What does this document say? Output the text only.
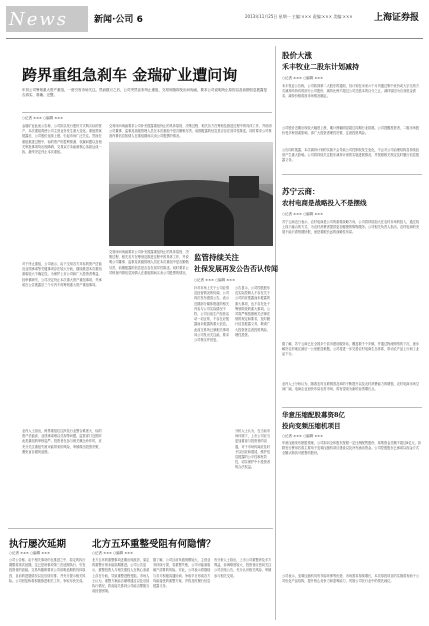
News	新闻·公司 6	2013年11月25日 星期一 主编:××× 责编:××× 美编:××× 上海证券报
跨界重组急刹车 金瑞矿业遭问询
年初公司筹划重大资产重组，一度引发市场关注。然而数月之后，公司突然宣布终止重组，交易所随即发出问询函，要求公司说明终止原因以及前期信息披露是否真实、准确、完整。
○记者 ××× ○编辑 ×××
金瑞矿业此前公告称，公司拟以发行股份方式购买标的资产，本次重组将使公司主营业务发生重大变化。重组预案披露后，公司股价连续上涨，引起市场广泛关注。然而在重组推进过程中，标的资产的盈利预测、权属问题以及相关审批事项均出现障碍，交易双方未能就核心条款达成一致，最终决定终止本次重组。
对于终止重组，公司表示，由于交易各方对标的资产估值及业绩承诺等关键事项存在较大分歧，继续推进本次重组面临较大不确定性。为保护上市公司和广大投资者利益，经审慎研究，公司决定终止本次重大资产重组事项，并承诺在公告披露后三个月内不再筹划重大资产重组事项。
业内人士指出，跨界重组往往涉及行业整合难度大、标的资产估值高、业绩承诺难以兑现等问题，监管部门近期对此类重组的审核趋严。投资者在参与相关概念炒作时，应充分关注重组失败可能带来的风险，审慎做出投资决策，避免盲目跟风追涨。
交易所问询函要求公司补充披露重组终止的具体原因、决策过程、相关各方在筹划及推进过程中的具体工作，并说明公司董事、监事及高级管理人员在本次重组中是否勤勉尽责，前期披露的信息是否存在误导性陈述。同时要求公司核查内幕信息知情人在重组期间买卖公司股票的情况。
交易所问询函要求公司补充披露重组终止的具体原因、决策过程、相关各方在筹划及推进过程中的具体工作，并说明公司董事、监事及高级管理人员在本次重组中是否勤勉尽责，前期披露的信息是否存在误导性陈述。同时要求公司核查内幕信息知情人在重组期间买卖公司股票的情况。
监管持续关注
社保发展再发公告否认传闻
○记者 ××× ○编辑 ×××
针对市场上关于公司业绩及经营情况的传闻，公司再次发布澄清公告，表示近期部分媒体报道的相关内容与公司实际情况不符，公司目前生产经营活动一切正常，不存在应披露而未披露的重大信息。此前交易所已就相关事项向公司发出关注函，要求公司核实并回复。
公告显示，公司控股股东及实际控制人不存在关于公司的应披露而未披露的重大事项，也不存在处于筹划阶段的重大事项。公司将严格按照相关法律法规的规定和要求，及时履行信息披露义务，敬请广大投资者注意投资风险，理性投资。
分析人士认为，在当前市场环境下，上市公司应当更加重视与投资者的沟通，对于市场传闻应及时予以回应和澄清，维护信息披露的公平性和有效性，切实保护中小投资者的合法权益。
股价大涨
禾丰牧业二股东计划减持
○记者 ××× ○编辑 ×××
禾丰牧业公告称，公司收到第二大股东的通知，其计划在未来六个月内通过集中竞价或大宗交易方式减持所持有的部分公司股份，减持比例不超过公司总股本的百分之五。减持原因为自身资金需求，减持价格将视市场情况确定。
公司股价近期出现较大幅度上涨，累计涨幅明显超过同期行业指数。公司提醒投资者，二级市场股价受多种因素影响，请广大投资者理性决策，注意投资风险。
公告同时披露，本次减持计划的实施不会导致公司控制权发生变化，不会对公司治理结构及持续经营产生重大影响。公司将持续关注股东减持计划的实施进展情况，并按照相关规定及时履行信息披露义务。
苏宁云商：
农村电商是战略投入不是摆线
○记者 ××× ○编辑 ×××
苏宁云商近日表示，农村电商是公司的重要战略方向，公司将持续加大在农村市场的投入，通过线上线下融合的方式，为农村消费者提供更加便捷的购物服务。公司相关负责人指出，农村电商的发展不能只看短期回报，而是着眼长远的战略性布局。
据了解，苏宁云商已在全国多个县市建设服务站，覆盖数千个乡镇，并通过物流网络的下沉，逐步解决农村地区最后一公里配送难题。公司将进一步完善农村电商生态体系，带动农产品上行和工业品下行。
业内人士分析认为，随着农村互联网普及率的不断提升以及农村消费能力的增强，农村电商市场空间广阔，电商企业加快布局农村市场，将有望成为新的业绩增长点。
华意压缩配股募资8亿
投向变频压缩机项目
○记者 ××× ○编辑 ×××
华意压缩发布配股预案，公司拟向全体股东按照一定比例配售股份，募集资金总额不超过8亿元，扣除发行费用后将主要用于变频压缩机项目建设以及补充流动资金。公司控股股东已承诺以现金方式全额认购其可配售的股份。
公司表示，变频压缩机具有节能环保等优势，市场需求持续增长，本次募投项目的实施将有助于公司优化产品结构，提升核心竞争力和盈利能力，巩固公司在行业中的领先地位。
执行屡次延期
○记者 ××× ○编辑 ×××
公司公告称，由于相关事项仍在推进之中，原定的执行期限将再次延期。这已是该事项第三次延期执行，引发投资者的质疑。交易所随即要求公司说明延期的具体原因、目前的进展情况以及后续安排，并充分提示相关风险。公司回复称将积极推进相关工作，争取尽快完成。
北方五环重整受阻有何隐情？
○记者 ××× ○编辑 ×××
北方五环的重整事项近期出现波折，原定的重整计划未能如期推进。公司公告显示，重整投资人与相关债权人在核心条款上存在分歧，导致重整进程受阻。市场人士认为，重整方案能否顺利通过以及后续执行情况，将直接关系到公司能否摆脱当前经营困境。
据了解，公司目前负债规模较大，主营业务持续亏损，若重整失败，公司可能面临破产清算的风险。对此，公司表示将继续与各方积极沟通协商，争取早日形成各方均能接受的重整方案，并将及时履行信息披露义务。
有分析人士指出，上市公司重整涉及多方利益，协调难度较大，投资者应密切关注公司后续公告，充分认识相关风险，审慎参与相关交易。
